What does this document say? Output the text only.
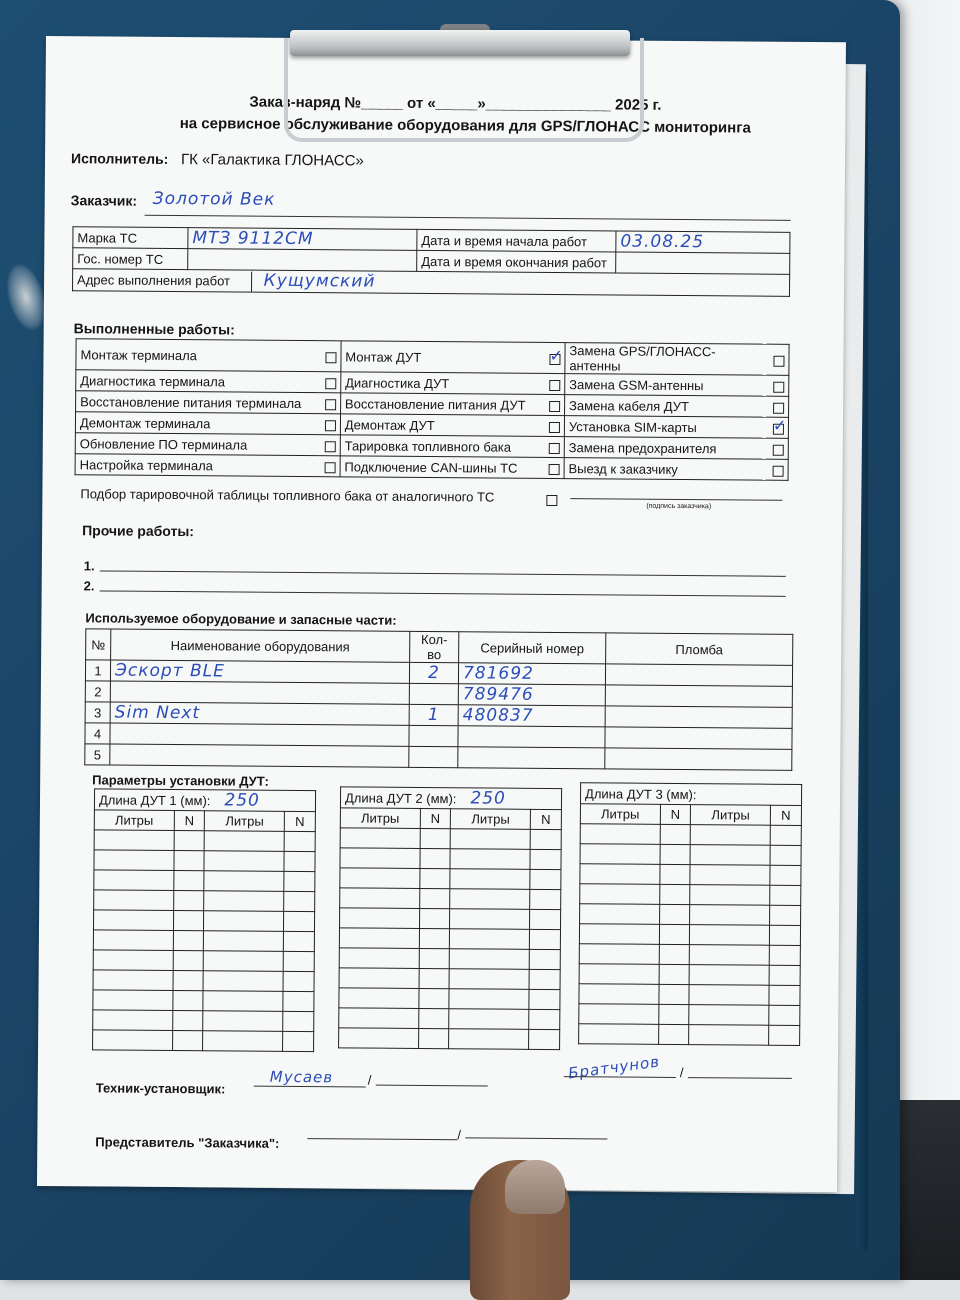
Заказ-наряд №_____ от «_____»_______________ 2025 г.
на сервисное обслуживание оборудования для GPS/ГЛОНАСС мониторинга
Исполнитель: ГК «Галактика ГЛОНАСС»
Заказчик: Золотой Век
Марка ТС	МТЗ 9112СМ	Дата и время начала работ	03.08.25
Гос. номер ТС		Дата и время окончания работ	
Адрес выполнения работ Кущумский			
Выполненные работы:
Монтаж терминала		Монтаж ДУТ	✓	Замена GPS/ГЛОНАСС-антенны	
Диагностика терминала		Диагностика ДУТ		Замена GSM-антенны	
Восстановление питания терминала		Восстановление питания ДУТ		Замена кабеля ДУТ	
Демонтаж терминала		Демонтаж ДУТ		Установка SIM-карты	✓
Обновление ПО терминала		Тарировка топливного бака		Замена предохранителя	
Настройка терминала		Подключение CAN-шины ТС		Выезд к заказчику	
Подбор тарировочной таблицы топливного бака от аналогичного ТС
(подпись заказчика)
Прочие работы:
1.
2.
Используемое оборудование и запасные части:
№	Наименование оборудования	Кол-во	Серийный номер	Пломба
1	Эскорт BLE	2	781692	
2			789476	
3	Sim Next	1	480837	
4				
5				
Параметры установки ДУТ:
Техник-установщик:
Мусаев	/	Братчунов /
Представитель "Заказчика":	/
Длина ДУТ 1 (мм): 250			
Литры	N	Литры	N

Длина ДУТ 2 (мм): 250			
Литры	N	Литры	N

Длина ДУТ 3 (мм):			
Литры	N	Литры	N
